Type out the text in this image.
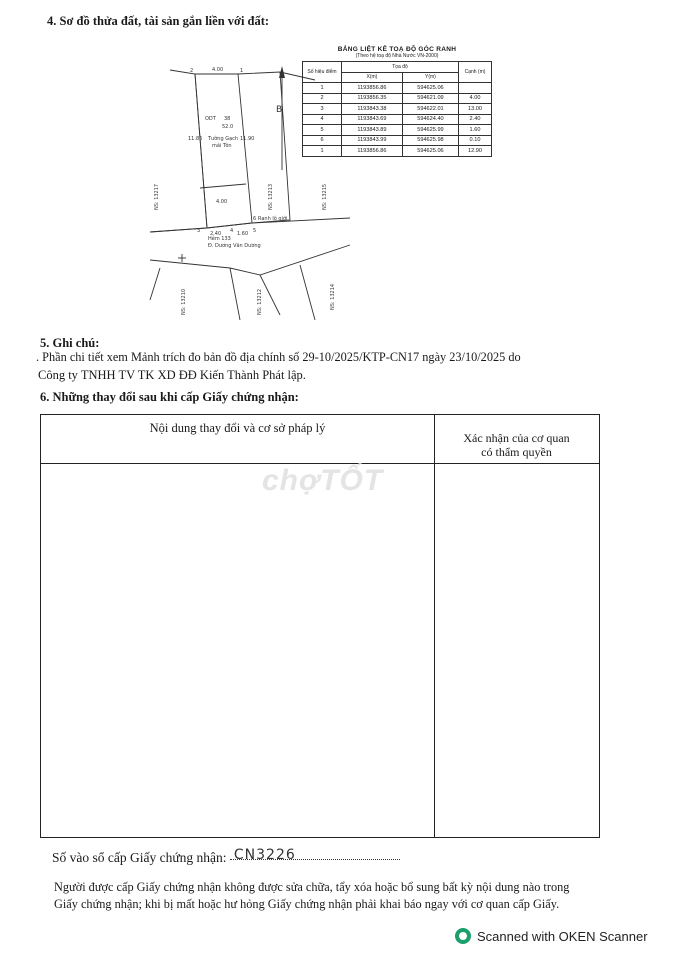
4. Sơ đồ thửa đất, tài sản gắn liền với đất:
4.00
4.00
Tường Gạch
mái Tôn
ODT 38
52.0
11.90
11.86
Hẻm 133
Đ. Dương Văn Dương
2.40	1.60
Ranh lộ giới
B
3	4	5
6
2	1
NS: 13217	NS: 13213	NS: 13215
NS: 13214
NS: 13210	NS: 13212
BẢNG LIỆT KÊ TOẠ ĐỘ GÓC RANH
(Theo hệ toạ độ Nhà Nước VN-2000)
Số hiệu điểm	Tọa độ		Cạnh (m)
	X(m)	Y(m)	
1	1193856.86	594625.06	
2	1193856.35	594621.09	4.00
3	1193843.38	594622.01	13.00
4	1193843.69	594624.40	2.40
5	1193843.89	594625.99	1.60
6	1193843.99	594625.98	0.10
1	1193856.86	594625.06	12.90
5. Ghi chú:
. Phần chi tiết xem Mảnh trích đo bản đồ địa chính số 29-10/2025/KTP-CN17 ngày 23/10/2025 do
Công ty TNHH TV TK XD ĐĐ Kiến Thành Phát lập.
6. Những thay đổi sau khi cấp Giấy chứng nhận:
Nội dung thay đổi và cơ sở pháp lý
Xác nhận của cơ quan
có thẩm quyền
chợTỐT
Số vào sổ cấp Giấy chứng nhận: CN3226
Người được cấp Giấy chứng nhận không được sửa chữa, tẩy xóa hoặc bổ sung bất kỳ nội dung nào trong
Giấy chứng nhận; khi bị mất hoặc hư hỏng Giấy chứng nhận phải khai báo ngay với cơ quan cấp Giấy.
Scanned with OKEN Scanner
